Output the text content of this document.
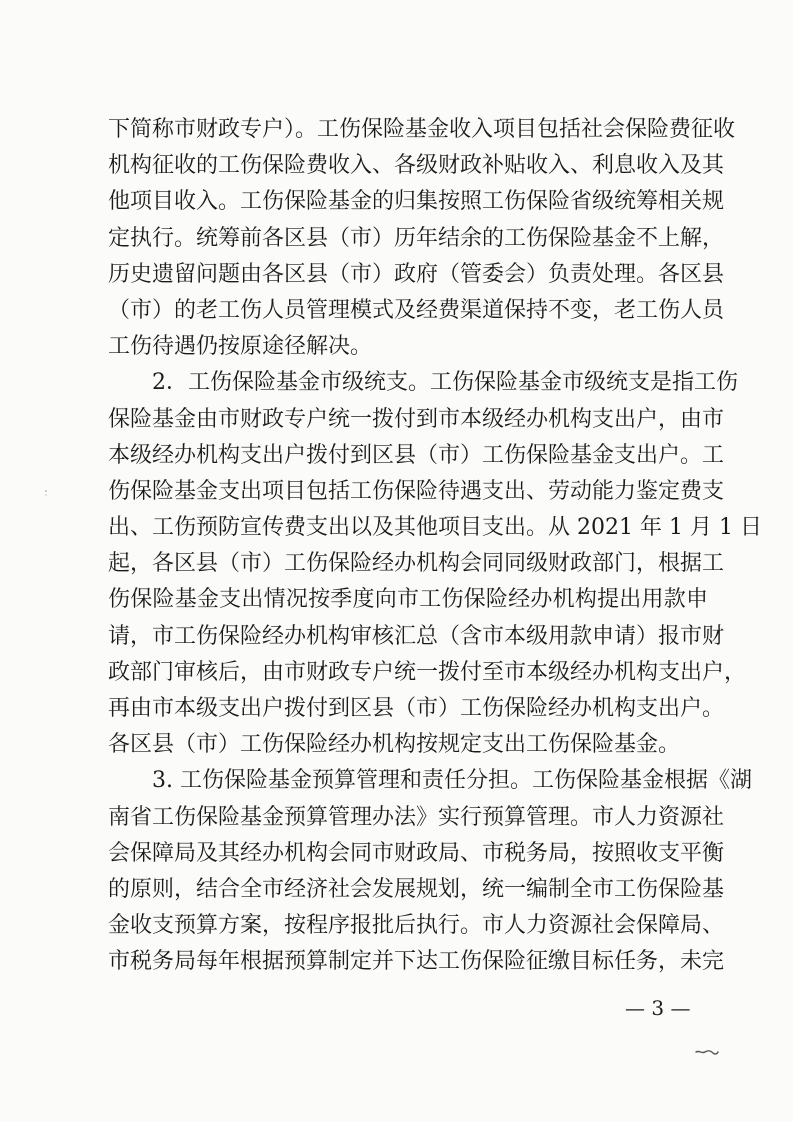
下简称市财政专户）。工伤保险基金收入项目包括社会保险费征收
机构征收的工伤保险费收入、各级财政补贴收入、利息收入及其
他项目收入。工伤保险基金的归集按照工伤保险省级统筹相关规
定执行。统筹前各区县（市）历年结余的工伤保险基金不上解，
历史遗留问题由各区县（市）政府（管委会）负责处理。各区县
（市）的老工伤人员管理模式及经费渠道保持不变，老工伤人员
工伤待遇仍按原途径解决。
2．工伤保险基金市级统支。工伤保险基金市级统支是指工伤
保险基金由市财政专户统一拨付到市本级经办机构支出户，由市
本级经办机构支出户拨付到区县（市）工伤保险基金支出户。工
伤保险基金支出项目包括工伤保险待遇支出、劳动能力鉴定费支
出、工伤预防宣传费支出以及其他项目支出。从 2021 年 1 月 1 日
起，各区县（市）工伤保险经办机构会同同级财政部门，根据工
伤保险基金支出情况按季度向市工伤保险经办机构提出用款申
请，市工伤保险经办机构审核汇总（含市本级用款申请）报市财
政部门审核后，由市财政专户统一拨付至市本级经办机构支出户，
再由市本级支出户拨付到区县（市）工伤保险经办机构支出户。
各区县（市）工伤保险经办机构按规定支出工伤保险基金。
3. 工伤保险基金预算管理和责任分担。工伤保险基金根据《湖
南省工伤保险基金预算管理办法》实行预算管理。市人力资源社
会保障局及其经办机构会同市财政局、市税务局，按照收支平衡
的原则，结合全市经济社会发展规划，统一编制全市工伤保险基
金收支预算方案，按程序报批后执行。市人力资源社会保障局、
市税务局每年根据预算制定并下达工伤保险征缴目标任务，未完
— 3 —
